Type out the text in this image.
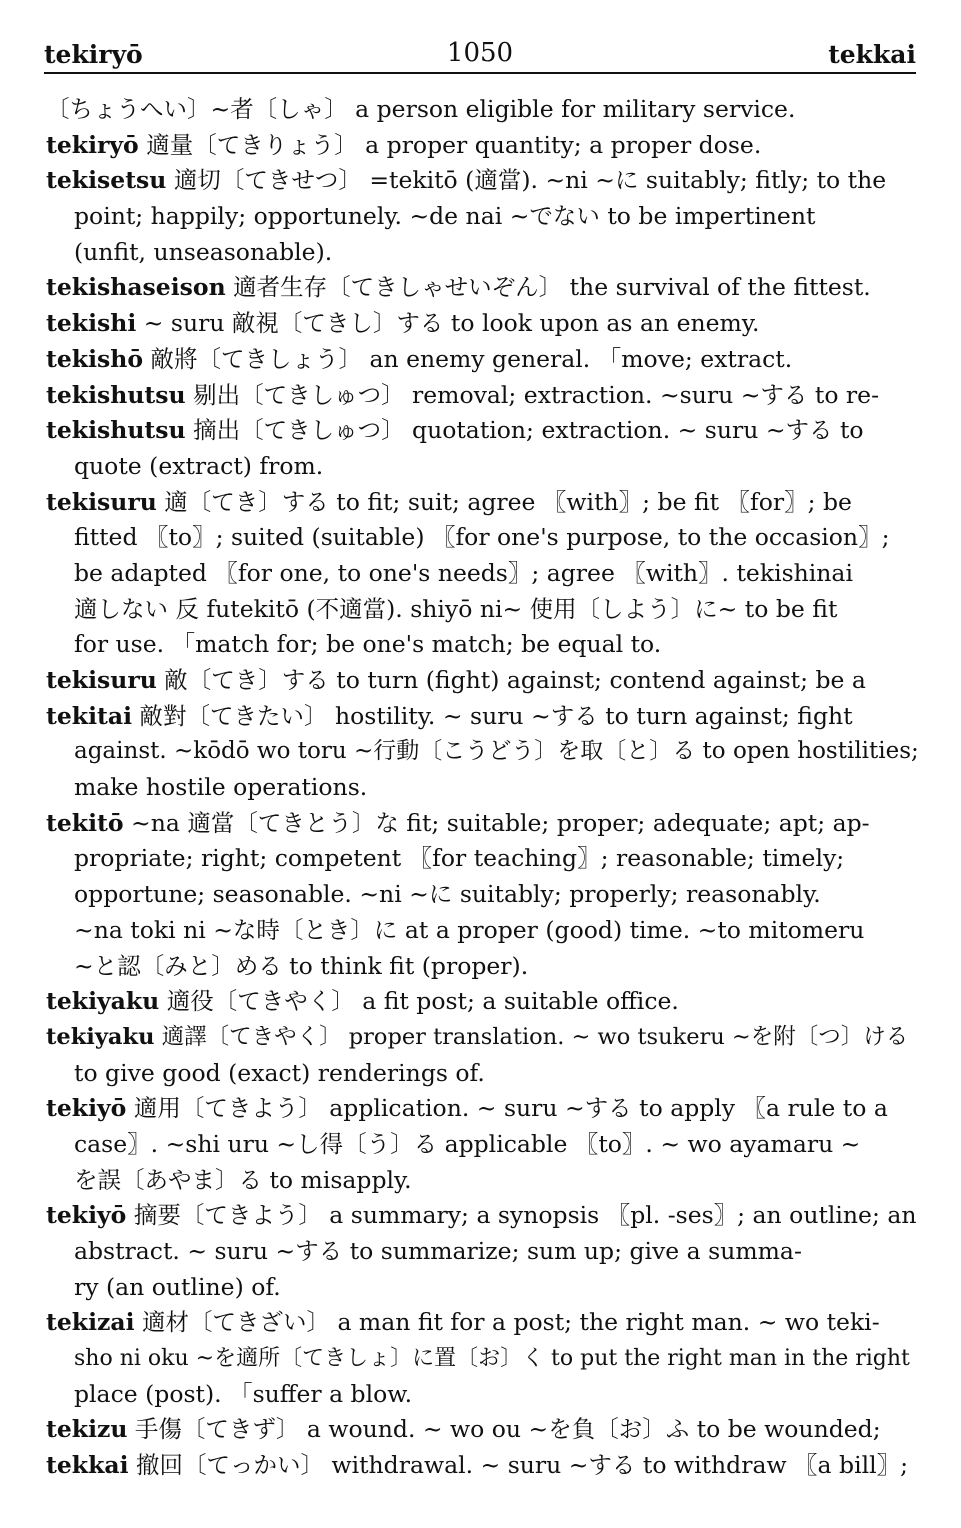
tekiryō	1050	tekkai
〔ちょうへい〕~者〔しゃ〕 a person eligible for military service.
tekiryō 適量〔てきりょう〕 a proper quantity; a proper dose.
tekisetsu 適切〔てきせつ〕 =tekitō (適當). ~ni ~に suitably; fitly; to the
point; happily; opportunely. ~de nai ~でない to be impertinent
(unfit, unseasonable).
tekishaseison 適者生存〔てきしゃせいぞん〕 the survival of the fittest.
tekishi ~ suru 敵視〔てきし〕する to look upon as an enemy.
tekishō 敵將〔てきしょう〕 an enemy general. 「move; extract.
tekishutsu 剔出〔てきしゅつ〕 removal; extraction. ~suru ~する to re-
tekishutsu 摘出〔てきしゅつ〕 quotation; extraction. ~ suru ~する to
quote (extract) from.
tekisuru 適〔てき〕する to fit; suit; agree 〖with〗; be fit 〖for〗; be
fitted 〖to〗; suited (suitable) 〖for one's purpose, to the occasion〗;
be adapted 〖for one, to one's needs〗; agree 〖with〗. tekishinai
適しない 反 futekitō (不適當). shiyō ni~ 使用〔しよう〕に~ to be fit
for use. 「match for; be one's match; be equal to.
tekisuru 敵〔てき〕する to turn (fight) against; contend against; be a
tekitai 敵對〔てきたい〕 hostility. ~ suru ~する to turn against; fight
against. ~kōdō wo toru ~行動〔こうどう〕を取〔と〕る to open hostilities;
make hostile operations.
tekitō ~na 適當〔てきとう〕な fit; suitable; proper; adequate; apt; ap-
propriate; right; competent 〖for teaching〗; reasonable; timely;
opportune; seasonable. ~ni ~に suitably; properly; reasonably.
~na toki ni ~な時〔とき〕に at a proper (good) time. ~to mitomeru
~と認〔みと〕める to think fit (proper).
tekiyaku 適役〔てきやく〕 a fit post; a suitable office.
tekiyaku 適譯〔てきやく〕 proper translation. ~ wo tsukeru ~を附〔つ〕ける
to give good (exact) renderings of.
tekiyō 適用〔てきよう〕 application. ~ suru ~する to apply 〖a rule to a
case〗. ~shi uru ~し得〔う〕る applicable 〖to〗. ~ wo ayamaru ~
を誤〔あやま〕る to misapply.
tekiyō 摘要〔てきよう〕 a summary; a synopsis 〖pl. -ses〗; an outline; an
abstract. ~ suru ~する to summarize; sum up; give a summa-
ry (an outline) of.
tekizai 適材〔てきざい〕 a man fit for a post; the right man. ~ wo teki-
sho ni oku ~を適所〔てきしょ〕に置〔お〕く to put the right man in the right
place (post). 「suffer a blow.
tekizu 手傷〔てきず〕 a wound. ~ wo ou ~を負〔お〕ふ to be wounded;
tekkai 撤回〔てっかい〕 withdrawal. ~ suru ~する to withdraw 〖a bill〗;
